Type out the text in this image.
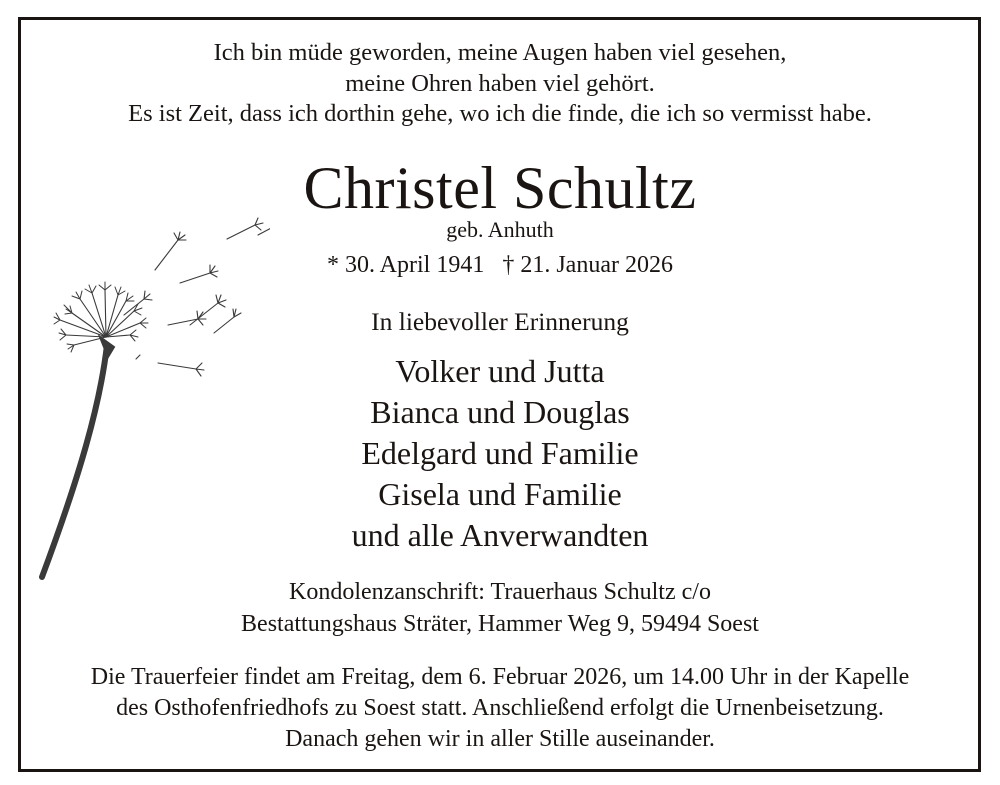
Ich bin müde geworden, meine Augen haben viel gesehen,
meine Ohren haben viel gehört.
Es ist Zeit, dass ich dorthin gehe, wo ich die finde, die ich so vermisst habe.
Christel Schultz
geb. Anhuth
* 30. April 1941   † 21. Januar 2026
In liebevoller Erinnerung
Volker und Jutta
Bianca und Douglas
Edelgard und Familie
Gisela und Familie
und alle Anverwandten
Kondolenzanschrift: Trauerhaus Schultz c/o
Bestattungshaus Sträter, Hammer Weg 9, 59494 Soest
Die Trauerfeier findet am Freitag, dem 6. Februar 2026, um 14.00 Uhr in der Kapelle
des Osthofenfriedhofs zu Soest statt. Anschließend erfolgt die Urnenbeisetzung.
Danach gehen wir in aller Stille auseinander.
